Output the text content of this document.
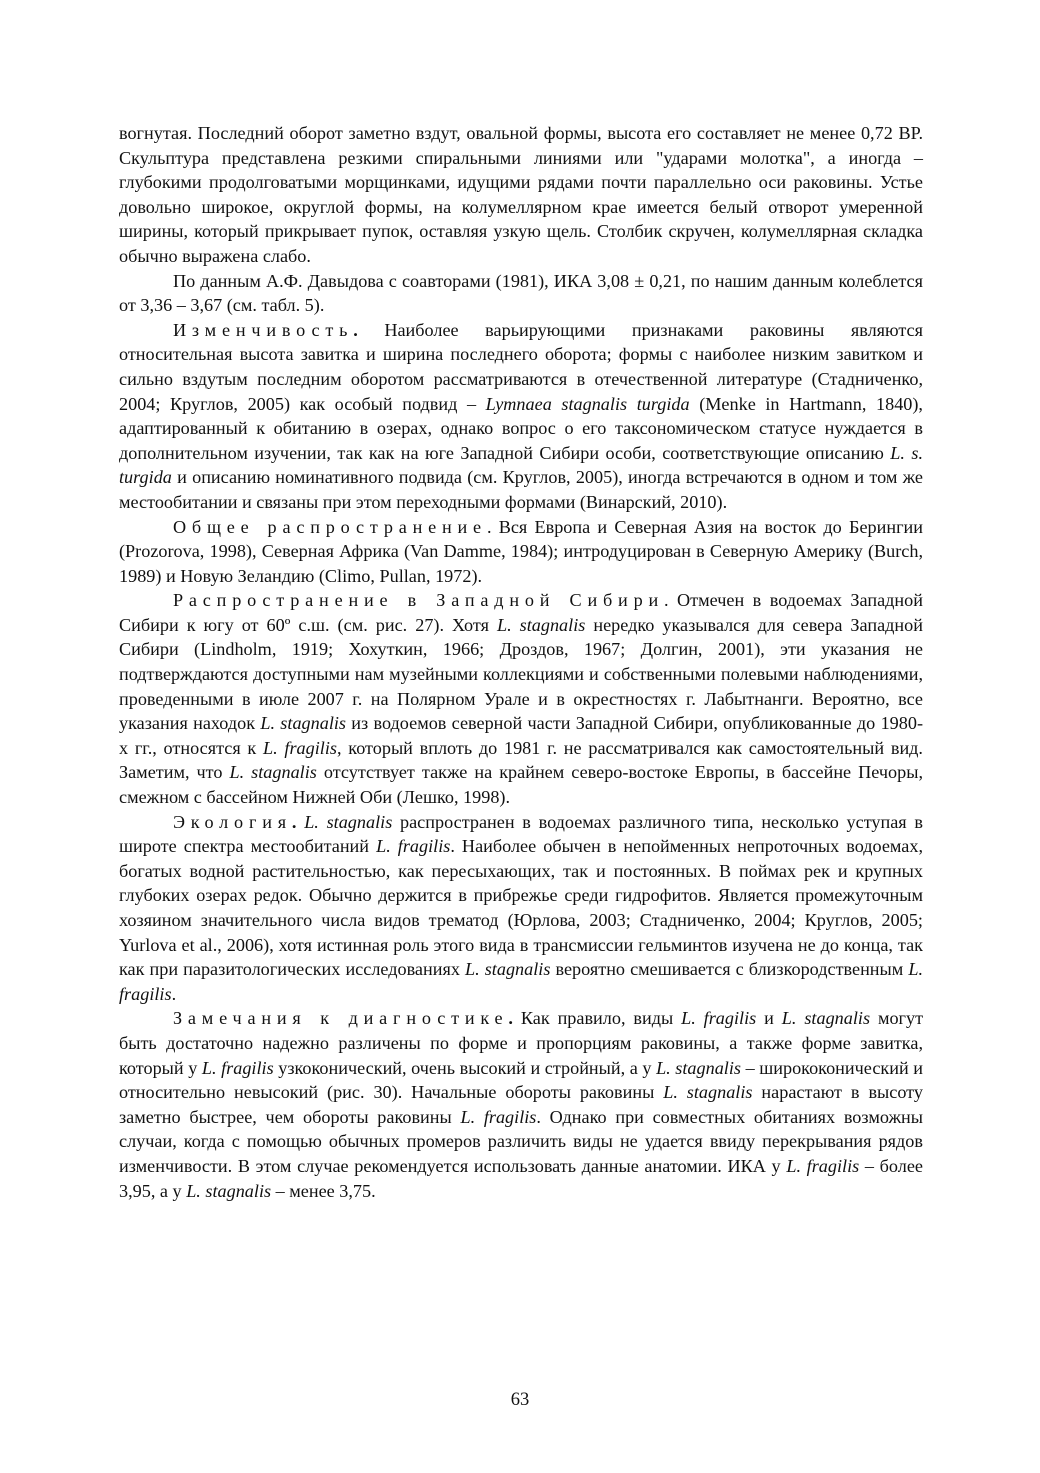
вогнутая. Последний оборот заметно вздут, овальной формы, высота его составляет не менее 0,72 ВР. Скульптура представлена резкими спиральными линиями или "ударами молотка", а иногда – глубокими продолговатыми морщинками, идущими рядами почти параллельно оси раковины. Устье довольно широкое, округлой формы, на колумеллярном крае имеется белый отворот умеренной ширины, который прикрывает пупок, оставляя узкую щель. Столбик скручен, колумеллярная складка обычно выражена слабо.

По данным А.Ф. Давыдова с соавторами (1981), ИКА 3,08 ± 0,21, по нашим данным колеблется от 3,36 – 3,67 (см. табл. 5).

Изменчивость. Наиболее варьирующими признаками раковины являются относительная высота завитка и ширина последнего оборота; формы с наиболее низким завитком и сильно вздутым последним оборотом рассматриваются в отечественной литературе (Стадниченко, 2004; Круглов, 2005) как особый подвид – Lymnaea stagnalis turgida (Menke in Hartmann, 1840), адаптированный к обитанию в озерах, однако вопрос о его таксономическом статусе нуждается в дополнительном изучении, так как на юге Западной Сибири особи, соответствующие описанию L. s. turgida и описанию номинативного подвида (см. Круглов, 2005), иногда встречаются в одном и том же местообитании и связаны при этом переходными формами (Винарский, 2010).

Общее распространение. Вся Европа и Северная Азия на восток до Берингии (Prozorova, 1998), Северная Африка (Van Damme, 1984); интродуцирован в Северную Америку (Burch, 1989) и Новую Зеландию (Climo, Pullan, 1972).

Распространение в Западной Сибири. Отмечен в водоемах Западной Сибири к югу от 60º с.ш. (см. рис. 27). Хотя L. stagnalis нередко указывался для севера Западной Сибири (Lindholm, 1919; Хохуткин, 1966; Дроздов, 1967; Долгин, 2001), эти указания не подтверждаются доступными нам музейными коллекциями и собственными полевыми наблюдениями, проведенными в июле 2007 г. на Полярном Урале и в окрестностях г. Лабытнанги. Вероятно, все указания находок L. stagnalis из водоемов северной части Западной Сибири, опубликованные до 1980-х гг., относятся к L. fragilis, который вплоть до 1981 г. не рассматривался как самостоятельный вид. Заметим, что L. stagnalis отсутствует также на крайнем северо-востоке Европы, в бассейне Печоры, смежном с бассейном Нижней Оби (Лешко, 1998).

Экология. L. stagnalis распространен в водоемах различного типа, несколько уступая в широте спектра местообитаний L. fragilis. Наиболее обычен в непойменных непроточных водоемах, богатых водной растительностью, как пересыхающих, так и постоянных. В поймах рек и крупных глубоких озерах редок. Обычно держится в прибрежье среди гидрофитов. Является промежуточным хозяином значительного числа видов трематод (Юрлова, 2003; Стадниченко, 2004; Круглов, 2005; Yurlova et al., 2006), хотя истинная роль этого вида в трансмиссии гельминтов изучена не до конца, так как при паразитологических исследованиях L. stagnalis вероятно смешивается с близкородственным L. fragilis.

Замечания к диагностике. Как правило, виды L. fragilis и L. stagnalis могут быть достаточно надежно различены по форме и пропорциям раковины, а также форме завитка, который у L. fragilis узкоконический, очень высокий и стройный, а у L. stagnalis – ширококонический и относительно невысокий (рис. 30). Начальные обороты раковины L. stagnalis нарастают в высоту заметно быстрее, чем обороты раковины L. fragilis. Однако при совместных обитаниях возможны случаи, когда с помощью обычных промеров различить виды не удается ввиду перекрывания рядов изменчивости. В этом случае рекомендуется использовать данные анатомии. ИКА у L. fragilis – более 3,95, а у L. stagnalis – менее 3,75.

63
